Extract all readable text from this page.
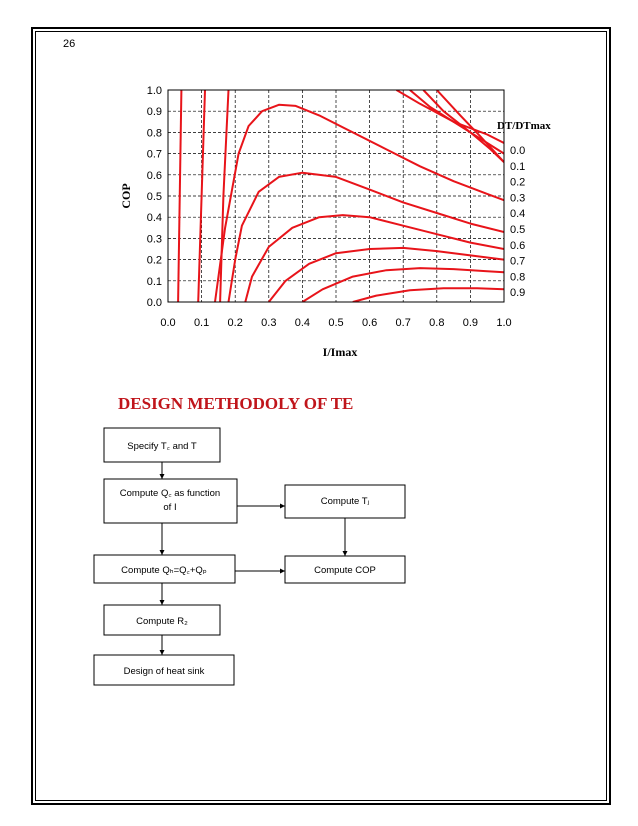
26
0.0 0.1 0.2 0.3 0.4 0.5 0.6 0.7 0.8 0.9 1.0
0.0
0.1
0.2
0.3
0.4
0.5
0.6
0.7
0.8
0.9
1.0
0.0
0.1
0.2
0.3
0.4
0.5
0.6
0.7
0.8
0.9
DT/DTmax
COP
I/Imax
DESIGN METHODOLY OF TE
Specify T꜀ and T
Compute Q꜀ as function
of I
Compute Tⱼ
Compute Qₕ=Q꜀+Qₚ	Compute COP
Compute R₂
Design of heat sink
